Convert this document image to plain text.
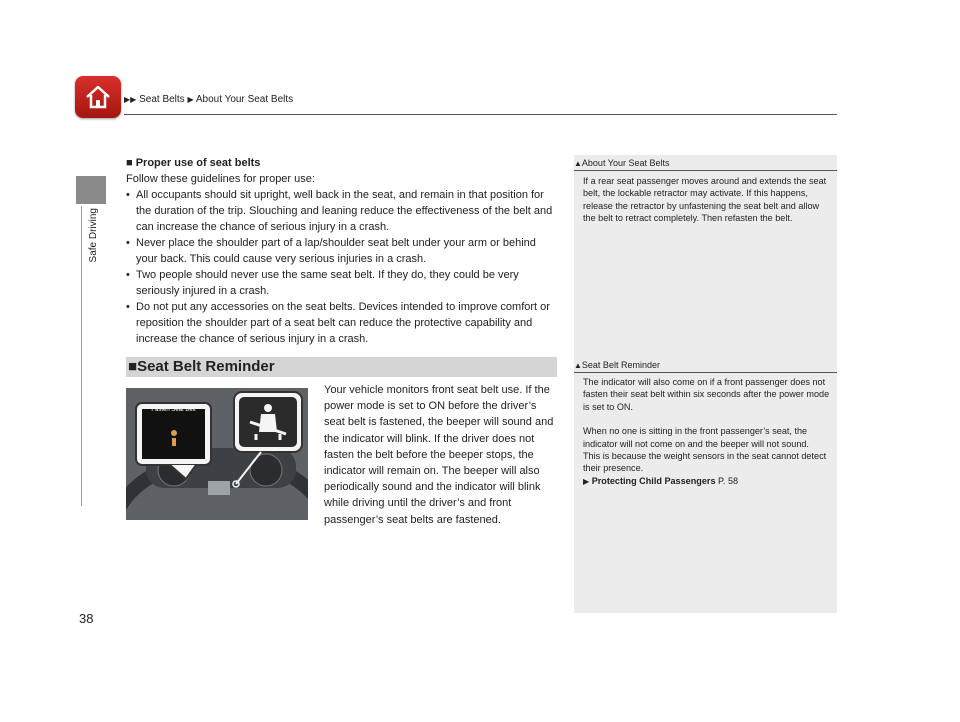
▶▶ Seat Belts ▶ About Your Seat Belts
Safe Driving
38
■ Proper use of seat belts
Follow these guidelines for proper use:
• All occupants should sit upright, well back in the seat, and remain in that position for the duration of the trip. Slouching and leaning reduce the effectiveness of the belt and can increase the chance of serious injury in a crash.
• Never place the shoulder part of a lap/shoulder seat belt under your arm or behind your back. This could cause very serious injuries in a crash.
• Two people should never use the same seat belt. If they do, they could be very seriously injured in a crash.
• Do not put any accessories on the seat belts. Devices intended to improve comfort or reposition the shoulder part of a seat belt can reduce the protective capability and increase the chance of serious injury in a crash.
■Seat Belt Reminder
Fasten Seat Belt
Your vehicle monitors front seat belt use. If the power mode is set to ON before the driver’s seat belt is fastened, the beeper will sound and the indicator will blink. If the driver does not fasten the belt before the beeper stops, the indicator will remain on. The beeper will also periodically sound and the indicator will blink while driving until the driver’s and front passenger’s seat belts are fastened.
▲About Your Seat Belts

If a rear seat passenger moves around and extends the seat belt, the lockable retractor may activate. If this happens, release the retractor by unfastening the seat belt and allow the belt to retract completely. Then refasten the belt.

▲Seat Belt Reminder

The indicator will also come on if a front passenger does not fasten their seat belt within six seconds after the power mode is set to ON.

When no one is sitting in the front passenger’s seat, the indicator will not come on and the beeper will not sound.

This is because the weight sensors in the seat cannot detect their presence.

▶ Protecting Child Passengers P. 58
